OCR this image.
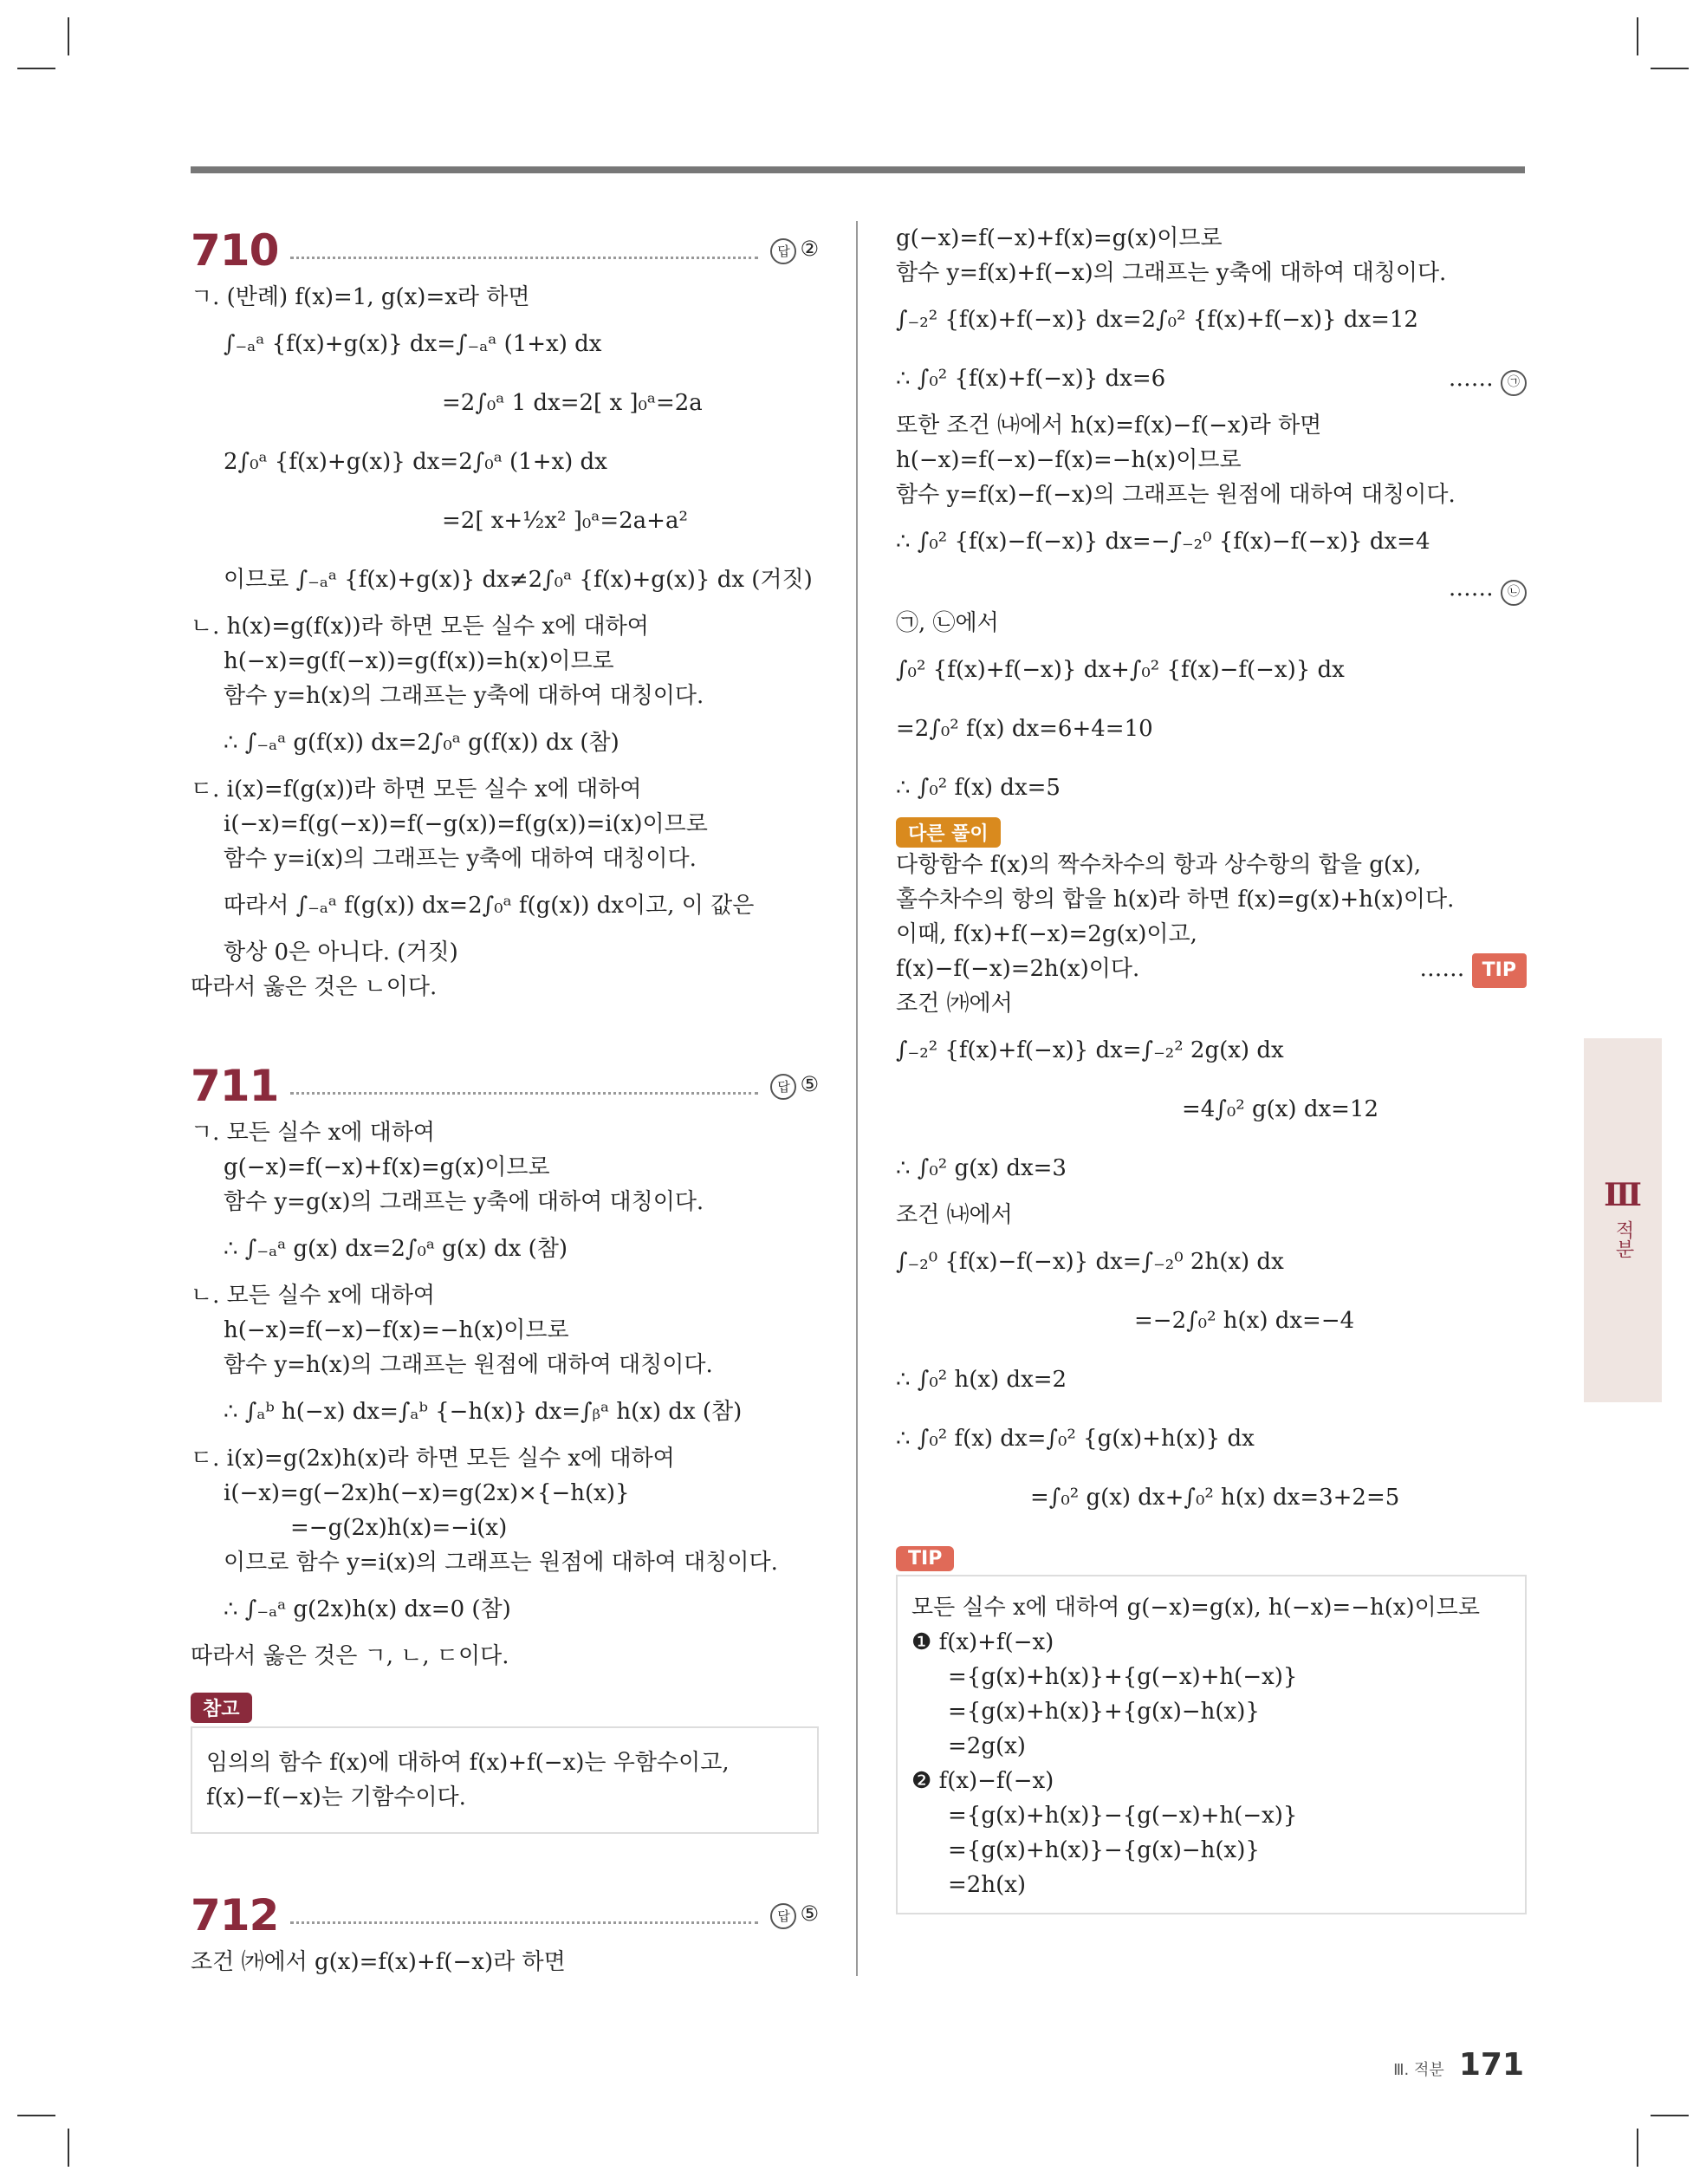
710	답 ②
ㄱ. (반례) f(x)=1, g(x)=x라 하면
∫₋ₐᵃ {f(x)+g(x)} dx=∫₋ₐᵃ (1+x) dx
=2∫₀ᵃ 1 dx=2[ x ]₀ᵃ=2a
2∫₀ᵃ {f(x)+g(x)} dx=2∫₀ᵃ (1+x) dx
=2[ x+½x² ]₀ᵃ=2a+a²
이므로 ∫₋ₐᵃ {f(x)+g(x)} dx≠2∫₀ᵃ {f(x)+g(x)} dx (거짓)
ㄴ. h(x)=g(f(x))라 하면 모든 실수 x에 대하여
h(−x)=g(f(−x))=g(f(x))=h(x)이므로
함수 y=h(x)의 그래프는 y축에 대하여 대칭이다.
∴ ∫₋ₐᵃ g(f(x)) dx=2∫₀ᵃ g(f(x)) dx (참)
ㄷ. i(x)=f(g(x))라 하면 모든 실수 x에 대하여
i(−x)=f(g(−x))=f(−g(x))=f(g(x))=i(x)이므로
함수 y=i(x)의 그래프는 y축에 대하여 대칭이다.
따라서 ∫₋ₐᵃ f(g(x)) dx=2∫₀ᵃ f(g(x)) dx이고, 이 값은
항상 0은 아니다. (거짓)
따라서 옳은 것은 ㄴ이다.
711	답 ⑤
ㄱ. 모든 실수 x에 대하여
g(−x)=f(−x)+f(x)=g(x)이므로
함수 y=g(x)의 그래프는 y축에 대하여 대칭이다.
∴ ∫₋ₐᵃ g(x) dx=2∫₀ᵃ g(x) dx (참)
ㄴ. 모든 실수 x에 대하여
h(−x)=f(−x)−f(x)=−h(x)이므로
함수 y=h(x)의 그래프는 원점에 대하여 대칭이다.
∴ ∫ₐᵇ h(−x) dx=∫ₐᵇ {−h(x)} dx=∫ᵦᵃ h(x) dx (참)
ㄷ. i(x)=g(2x)h(x)라 하면 모든 실수 x에 대하여
i(−x)=g(−2x)h(−x)=g(2x)×{−h(x)}
=−g(2x)h(x)=−i(x)
이므로 함수 y=i(x)의 그래프는 원점에 대하여 대칭이다.
∴ ∫₋ₐᵃ g(2x)h(x) dx=0 (참)
따라서 옳은 것은 ㄱ, ㄴ, ㄷ이다.
참고
임의의 함수 f(x)에 대하여 f(x)+f(−x)는 우함수이고,
f(x)−f(−x)는 기함수이다.
712	답 ⑤
조건 ㈎에서 g(x)=f(x)+f(−x)라 하면
g(−x)=f(−x)+f(x)=g(x)이므로
함수 y=f(x)+f(−x)의 그래프는 y축에 대하여 대칭이다.
∫₋₂² {f(x)+f(−x)} dx=2∫₀² {f(x)+f(−x)} dx=12
∴ ∫₀² {f(x)+f(−x)} dx=6	…… ㉠
또한 조건 ㈏에서 h(x)=f(x)−f(−x)라 하면
h(−x)=f(−x)−f(x)=−h(x)이므로
함수 y=f(x)−f(−x)의 그래프는 원점에 대하여 대칭이다.
∴ ∫₀² {f(x)−f(−x)} dx=−∫₋₂⁰ {f(x)−f(−x)} dx=4
…… ㉡
㉠, ㉡에서
∫₀² {f(x)+f(−x)} dx+∫₀² {f(x)−f(−x)} dx
=2∫₀² f(x) dx=6+4=10
∴ ∫₀² f(x) dx=5
다른 풀이
다항함수 f(x)의 짝수차수의 항과 상수항의 합을 g(x),
홀수차수의 항의 합을 h(x)라 하면 f(x)=g(x)+h(x)이다.
이때, f(x)+f(−x)=2g(x)이고,
f(x)−f(−x)=2h(x)이다.	…… TIP
조건 ㈎에서
∫₋₂² {f(x)+f(−x)} dx=∫₋₂² 2g(x) dx
=4∫₀² g(x) dx=12
∴ ∫₀² g(x) dx=3
조건 ㈏에서
∫₋₂⁰ {f(x)−f(−x)} dx=∫₋₂⁰ 2h(x) dx
=−2∫₀² h(x) dx=−4
∴ ∫₀² h(x) dx=2
∴ ∫₀² f(x) dx=∫₀² {g(x)+h(x)} dx
=∫₀² g(x) dx+∫₀² h(x) dx=3+2=5
TIP
모든 실수 x에 대하여 g(−x)=g(x), h(−x)=−h(x)이므로
❶ f(x)+f(−x)
={g(x)+h(x)}+{g(−x)+h(−x)}
={g(x)+h(x)}+{g(x)−h(x)}
=2g(x)
❷ f(x)−f(−x)
={g(x)+h(x)}−{g(−x)+h(−x)}
={g(x)+h(x)}−{g(x)−h(x)}
=2h(x)
Ⅲ
적분
Ⅲ. 적분 171
